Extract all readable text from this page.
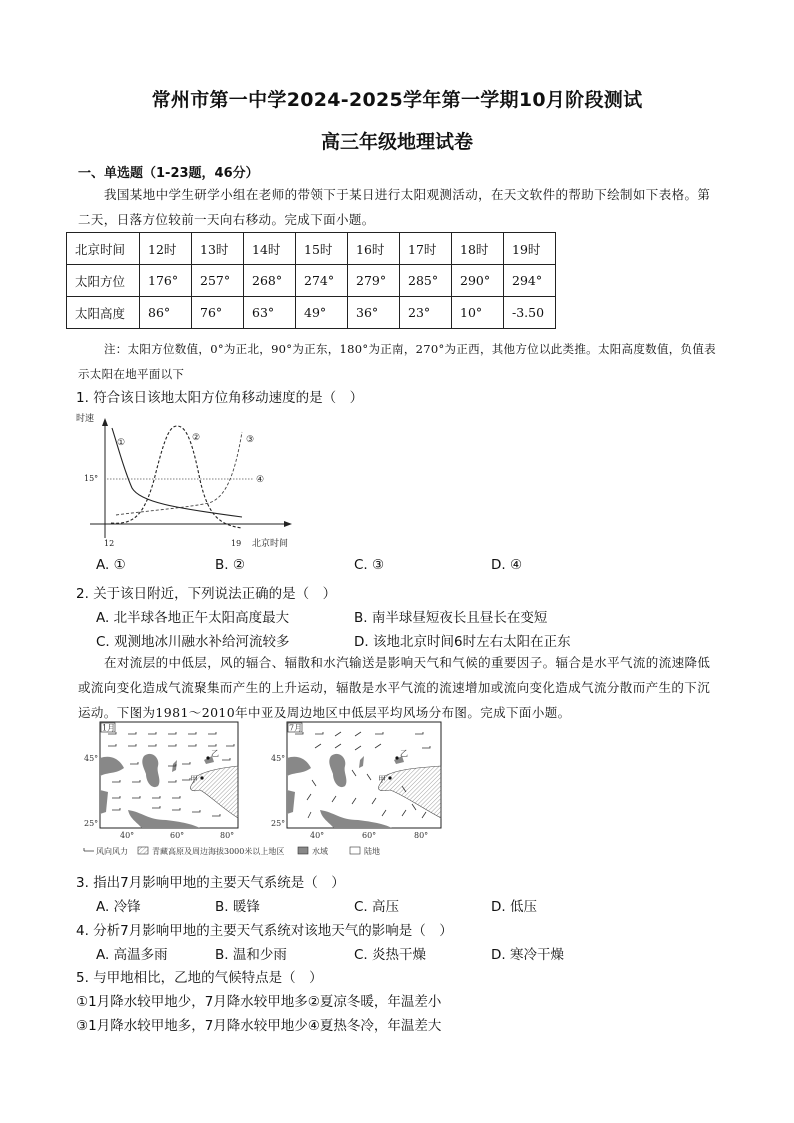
常州市第一中学2024-2025学年第一学期10月阶段测试
高三年级地理试卷
一、单选题（1-23题，46分）
我国某地中学生研学小组在老师的带领下于某日进行太阳观测活动，在天文软件的帮助下绘制如下表格。第二天，日落方位较前一天向右移动。完成下面小题。
北京时间	12时	13时	14时	15时	16时	17时	18时	19时
太阳方位	176°	257°	268°	274°	279°	285°	290°	294°
太阳高度	86°	76°	63°	49°	36°	23°	10°	-3.50
注：太阳方位数值，0°为正北，90°为正东，180°为正南，270°为正西，其他方位以此类推。太阳高度数值，负值表示太阳在地平面以下
1. 符合该日该地太阳方位角移动速度的是（　）
时速
12	19 北京时间
15°
①	②	③
④
A. ①	B. ②	C. ③	D. ④
2. 关于该日附近，下列说法正确的是（　）
A. 北半球各地正午太阳高度最大	B. 南半球昼短夜长且昼长在变短
C. 观测地冰川融水补给河流较多	D. 该地北京时间6时左右太阳在正东
在对流层的中低层，风的辐合、辐散和水汽输送是影响天气和气候的重要因子。辐合是水平气流的流速降低或流向变化造成气流聚集而产生的上升运动，辐散是水平气流的流速增加或流向变化造成气流分散而产生的下沉运动。下图为1981～2010年中亚及周边地区中低层平均风场分布图。完成下面小题。
1月
甲
乙
45°
25°
40°	60°	80°
7月
甲
乙
45°
25°
40°	60°	80°
风向风力	青藏高原及周边海拔3000米以上地区	水域	陆地
3. 指出7月影响甲地的主要天气系统是（　）
A. 冷锋	B. 暖锋	C. 高压	D. 低压
4. 分析7月影响甲地的主要天气系统对该地天气的影响是（　）
A. 高温多雨	B. 温和少雨	C. 炎热干燥	D. 寒冷干燥
5. 与甲地相比，乙地的气候特点是（　）
①1月降水较甲地少，7月降水较甲地多②夏凉冬暖，年温差小
③1月降水较甲地多，7月降水较甲地少④夏热冬冷，年温差大
